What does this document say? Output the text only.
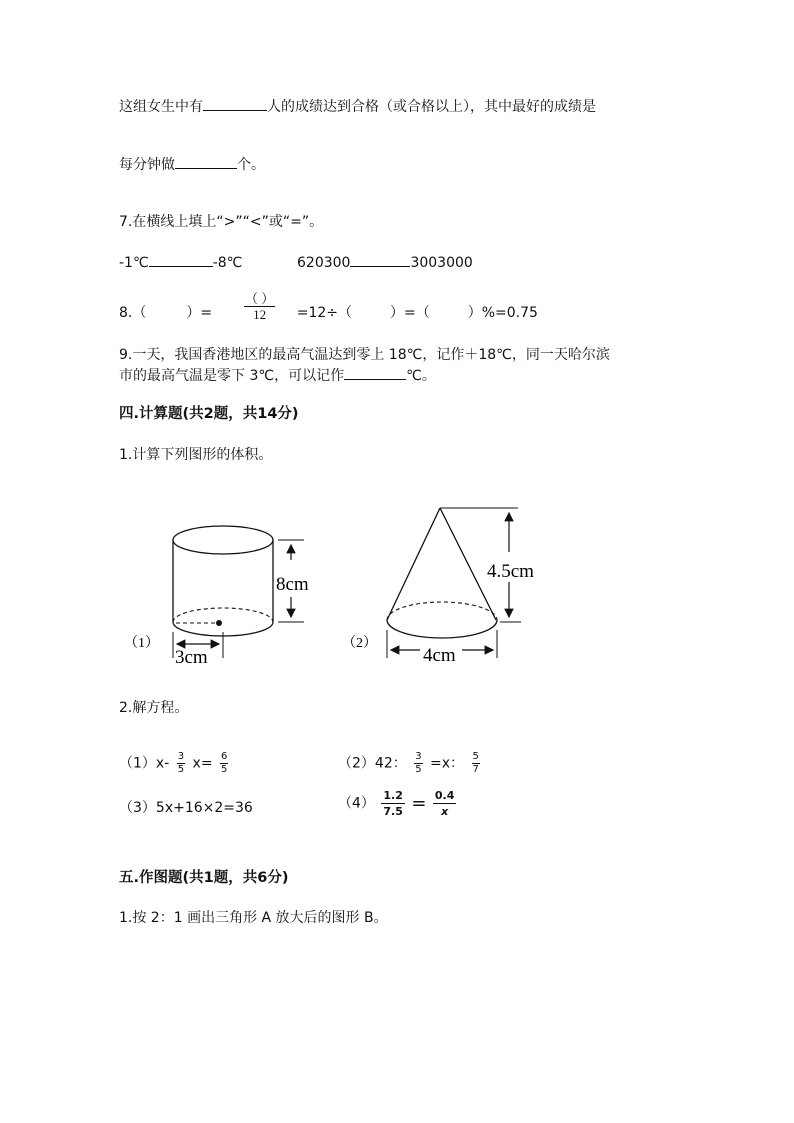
这组女生中有	人的成绩达到合格（或合格以上），其中最好的成绩是
每分钟做	个。
7.在横线上填上“>”“<”或“=”。
-1℃	-8℃	620300	3003000
8.（	）= $\frac{( )}{12} =12\div$（	）=（	）%=0.75
9.一天，我国香港地区的最高气温达到零上 18℃，记作＋18℃，同一天哈尔滨
市的最高气温是零下 3℃，可以记作	℃。
四.计算题(共2题，共14分)
1.计算下列图形的体积。
（1）
8cm
3cm
（2）
4.5cm
4cm
2.解方程。
$(1)x- \frac{3}{5} x= \frac{6}{5}$	（2）42： $\frac{3}{5} =x$： $\frac{5}{7}$
（3）5x+16×2=36	$(4) \frac{1.2}{7.5} = \frac{0.4}{x}$
五.作图题(共1题，共6分)
1.按 2：1 画出三角形 A 放大后的图形 B。
